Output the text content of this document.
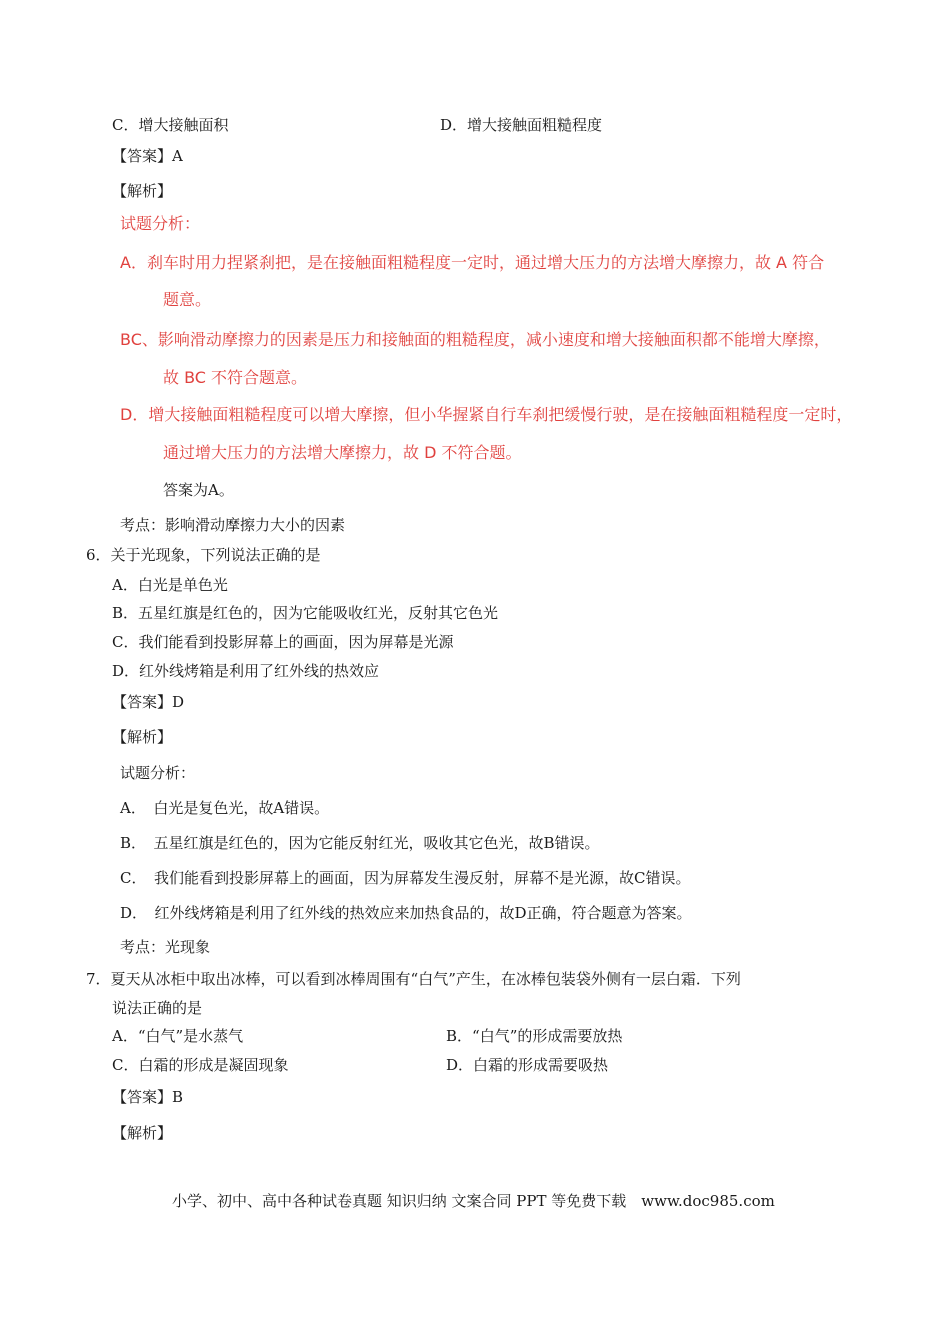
C．增大接触面积	D．增大接触面粗糙程度
【答案】A
【解析】
试题分析：
A．刹车时用力捏紧刹把，是在接触面粗糙程度一定时，通过增大压力的方法增大摩擦力，故 A 符合
题意。
BC、影响滑动摩擦力的因素是压力和接触面的粗糙程度，减小速度和增大接触面积都不能增大摩擦，
故 BC 不符合题意。
D．增大接触面粗糙程度可以增大摩擦，但小华握紧自行车刹把缓慢行驶，是在接触面粗糙程度一定时，
通过增大压力的方法增大摩擦力，故 D 不符合题。
答案为A。
考点：影响滑动摩擦力大小的因素
6．关于光现象，下列说法正确的是
A．白光是单色光
B．五星红旗是红色的，因为它能吸收红光，反射其它色光
C．我们能看到投影屏幕上的画面，因为屏幕是光源
D．红外线烤箱是利用了红外线的热效应
【答案】D
【解析】
试题分析：
A．　白光是复色光，故A错误。
B．　五星红旗是红色的，因为它能反射红光，吸收其它色光，故B错误。
C．　我们能看到投影屏幕上的画面，因为屏幕发生漫反射，屏幕不是光源，故C错误。
D．　红外线烤箱是利用了红外线的热效应来加热食品的，故D正确，符合题意为答案。
考点：光现象
7．夏天从冰柜中取出冰棒，可以看到冰棒周围有“白气”产生，在冰棒包装袋外侧有一层白霜．下列
说法正确的是
A．“白气”是水蒸气	B．“白气”的形成需要放热
C．白霜的形成是凝固现象	D．白霜的形成需要吸热
【答案】B
【解析】
小学、初中、高中各种试卷真题 知识归纳 文案合同 PPT 等免费下载　www.doc985.com
